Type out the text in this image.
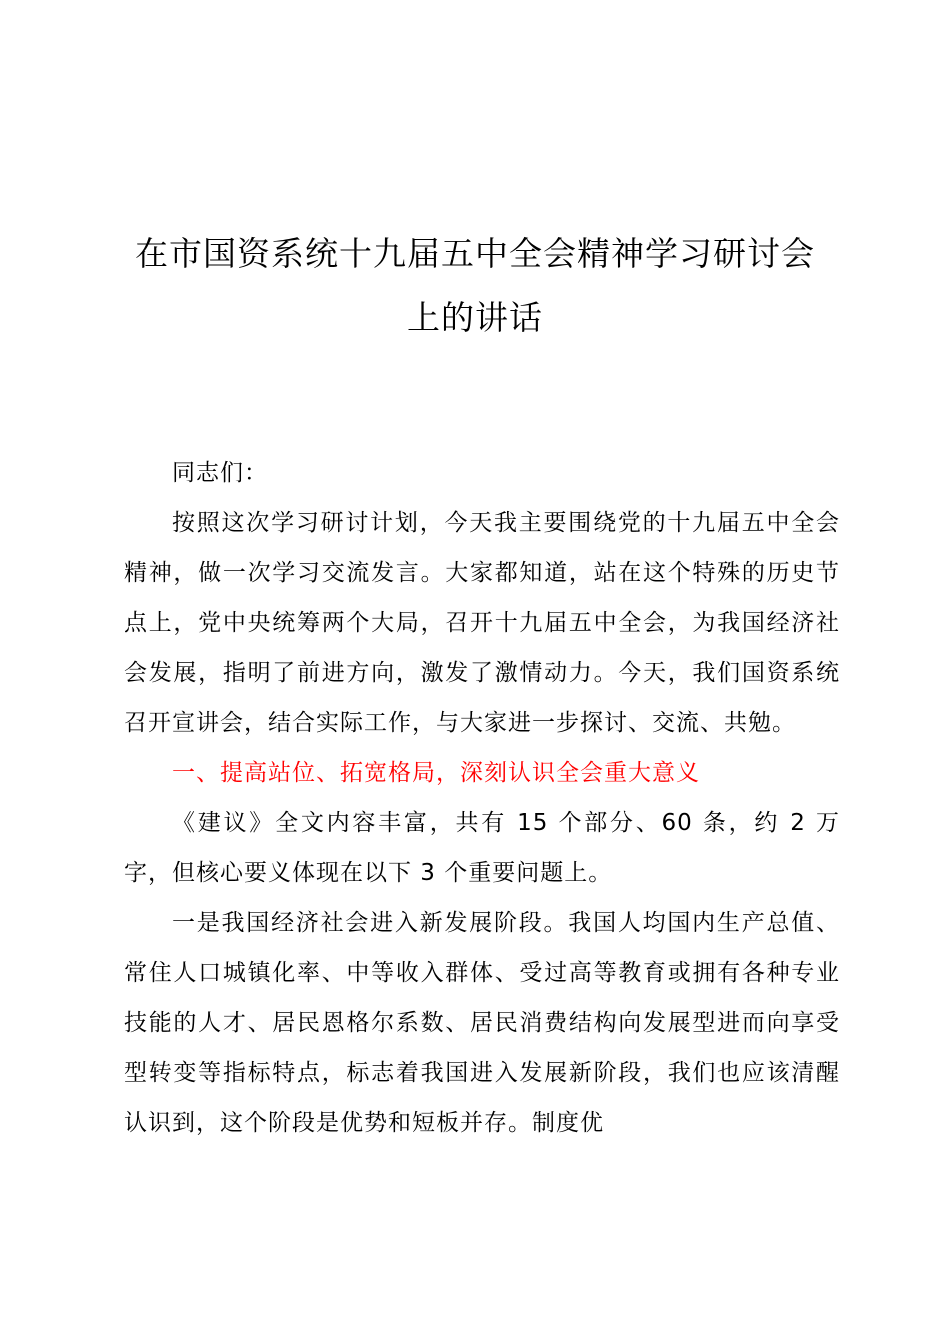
在市国资系统十九届五中全会精神学习研讨会
上的讲话

同志们：

按照这次学习研讨计划，今天我主要围绕党的十九届五中全会精神，做一次学习交流发言。大家都知道，站在这个特殊的历史节点上，党中央统筹两个大局，召开十九届五中全会，为我国经济社会发展，指明了前进方向，激发了激情动力。今天，我们国资系统召开宣讲会，结合实际工作，与大家进一步探讨、交流、共勉。

一、提高站位、拓宽格局，深刻认识全会重大意义

《建议》全文内容丰富，共有 15 个部分、60 条，约 2 万字，但核心要义体现在以下 3 个重要问题上。

一是我国经济社会进入新发展阶段。我国人均国内生产总值、常住人口城镇化率、中等收入群体、受过高等教育或拥有各种专业技能的人才、居民恩格尔系数、居民消费结构向发展型进而向享受型转变等指标特点，标志着我国进入发展新阶段，我们也应该清醒认识到，这个阶段是优势和短板并存。制度优
